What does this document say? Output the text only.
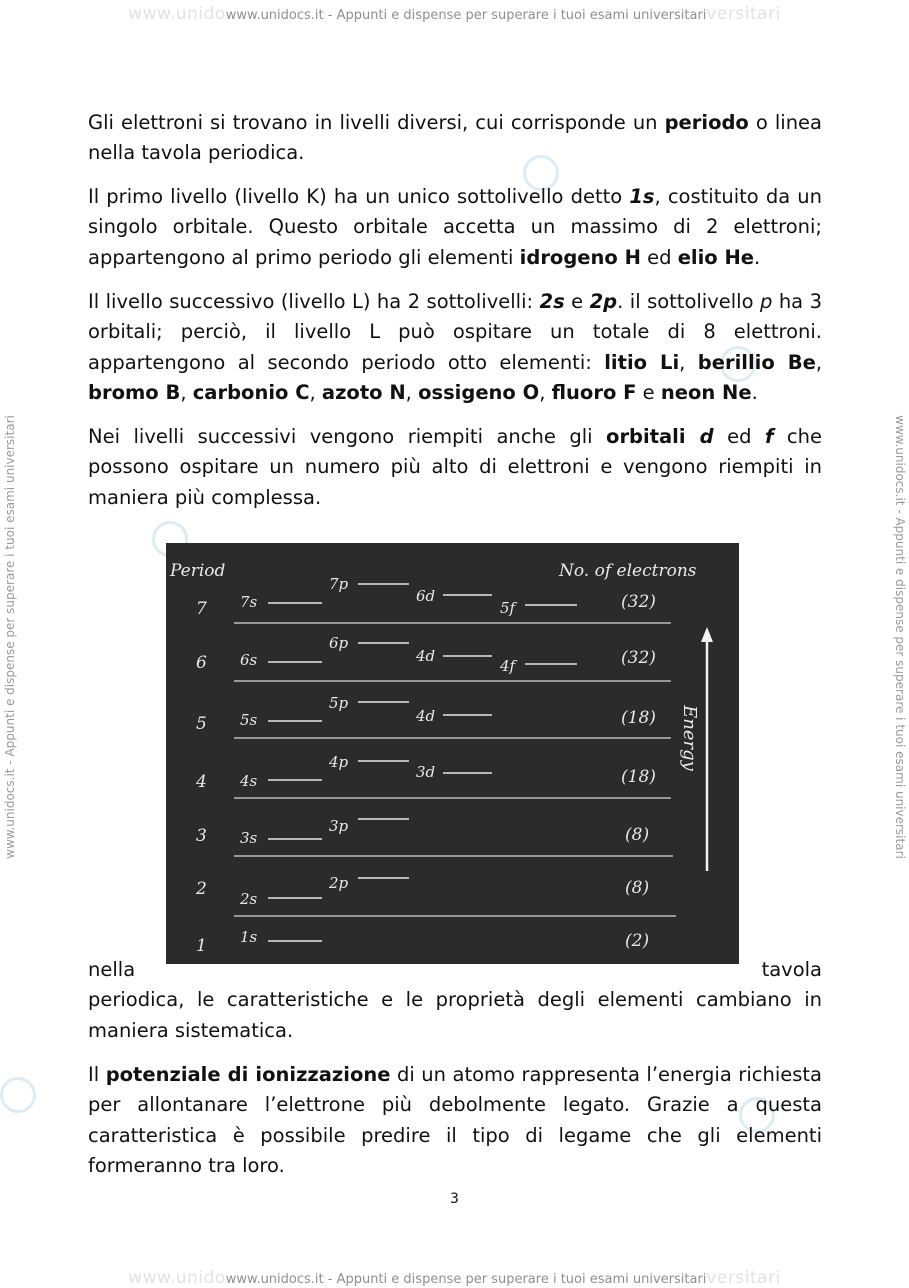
www.unidowww.unidocs.it - Appunti e dispense per superare i tuoi esami universitariversitari
www.unidocs.it - Appunti e dispense per superare i tuoi esami universitari	www.unidocs.it - Appunti e dispense per superare i tuoi esami universitari

Gli elettroni si trovano in livelli diversi, cui corrisponde un periodo o linea nella tavola periodica.

Il primo livello (livello K) ha un unico sottolivello detto 1s, costituito da un singolo orbitale. Questo orbitale accetta un massimo di 2 elettroni; appartengono al primo periodo gli elementi idrogeno H ed elio He.

Il livello successivo (livello L) ha 2 sottolivelli: 2s e 2p. il sottolivello p ha 3 orbitali; perciò, il livello L può ospitare un totale di 8 elettroni. appartengono al secondo periodo otto elementi: litio Li, berillio Be, bromo B, carbonio C, azoto N, ossigeno O, fluoro F e neon Ne.

Nei livelli successivi vengono riempiti anche gli orbitali d ed f che possono ospitare un numero più alto di elettroni e vengono riempiti in maniera più complessa.

Period	No. of electrons
Energy
7 7s
7p
6d
5f	(32)
6 6s
6p
4d
4f	(32)
5 5s
5p
4d	(18)
4 4s
4p
3d	(18)
3 3s
3p	(8)
2 2s
2p	(8)
1 1s	(2)
nella	tavola

periodica, le caratteristiche e le proprietà degli elementi cambiano in maniera sistematica.

Il potenziale di ionizzazione di un atomo rappresenta l’energia richiesta per allontanare l’elettrone più debolmente legato. Grazie a questa caratteristica è possibile predire il tipo di legame che gli elementi formeranno tra loro.

3
www.unidowww.unidocs.it - Appunti e dispense per superare i tuoi esami universitariversitari
